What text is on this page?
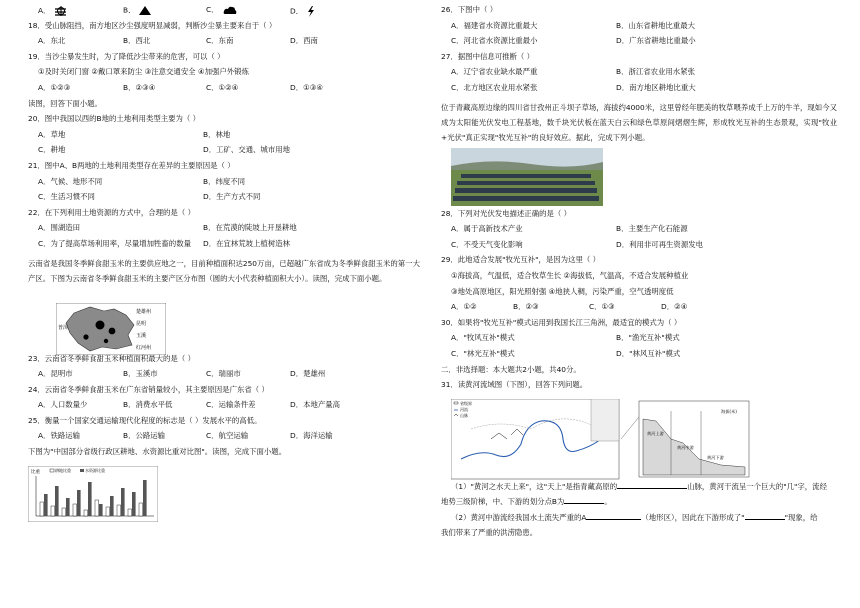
A．	B．	C．	D．
18．受山脉阻挡，南方地区沙尘强度明显减弱，判断沙尘暴主要来自于（ ）
A．东北	B．西北	C．东南	D．西南
19．当沙尘暴发生时，为了降低沙尘带来的危害，可以（ ）
①及时关闭门窗 ②戴口罩来防尘 ③注意交通安全 ④加强户外锻炼
A．①②③	B．②③④	C．①②④	D．①③④
读图，回答下面小题。
20．图中我国以西的B地的土地利用类型主要为（ ）
A．草地	B．林地
C．耕地	D．工矿、交通、城市用地
21．图中A、B两地的土地利用类型存在差异的主要原因是（ ）
A．气候、地形不同	B．纬度不同
C．生活习惯不同	D．生产方式不同
22．在下列利用土地资源的方式中，合理的是（ ）
A．围湖造田	B．在荒漠的陡坡上开垦耕地
C．为了提高草场利用率，尽量增加牲畜的数量 D．在宜林荒坡上植树造林
云南省是我国冬季鲜食甜玉米的主要供应地之一，目前种植面积达250万亩，已超越广东省成为冬季鲜食甜玉米的第一大产区。下图为云南省冬季鲜食甜玉米的主要产区分布图（圆的大小代表种植面积大小）。读图，完成下面小题。
楚雄州
普洱
昆明
玉溪
红河州
23．云南省冬季鲜食甜玉米种植面积最大的是（ ）
A．昆明市	B．玉溪市	C．瑞丽市	D．楚雄州
24．云南省冬季鲜食甜玉米在广东省销量较小，其主要原因是广东省（ ）
A．人口数量少	B．消费水平低	C．运输条件差	D．本地产量高
25．衡量一个国家交通运输现代化程度的标志是（ ）发展水平的高低。
A．铁路运输	B．公路运输	C．航空运输	D．海洋运输
下图为"中国部分省级行政区耕地、水资源比重对比图"。读图，完成下面小题。
比重	耕地比重	水资源比重
26．下图中（ ）
A．福建省水资源比重最大	B．山东省耕地比重最大
C．河北省水资源比重最小	D．广东省耕地比重最小
27．据图中信息可推断（ ）
A．辽宁省农业缺水最严重	B．浙江省农业用水紧张
C．北方地区农业用水紧张	D．南方地区耕地比重大
位于青藏高原边缘的四川省甘孜州正斗坝子草场，海拔约4000米，这里曾经年肥美的牧草喂养成千上万的牛羊，现如今又成为太阳能光伏发电工程基地，数千块光伏板在蓝天白云和绿色草原间熠熠生辉，形成牧光互补的生态景观，实现"牧业+光伏"真正实现"牧光互补"的良好效应。据此，完成下列小题。
28．下列对光伏发电描述正确的是（ ）
A．属于高新技术产业	B．主要生产化石能源
C．不受天气变化影响	D．利用非可再生资源发电
29．此地适合发展"牧光互补"，是因为这里（ ）
①海拔高，气温低，适合牧草生长 ②海拔低，气温高，不适合发展种植业
③地处高原地区，阳光照射强 ④地狭人稠，污染严重，空气透明度低
A．①②	B．②③	C．①③	D．②④
30．如果将"牧光互补"模式运用到我国长江三角洲，最适宜的模式为（ ）
A．"牧风互补"模式	B．"渔光互补"模式
C．"林光互补"模式	D．"林风互补"模式
二．非选择题：本大题共2小题，共40分。
31．读黄河流域图（下图），回答下列问题。
省级界
河流
山脉
黄河上游
黄河中游
黄河下游
海拔(米)
（1）"黄河之水天上来"，这"天上"是指青藏高原的	山脉，黄河干流呈一个巨大的"几"字，流经
地势三级阶梯，中、下游的划分点B为	。
（2）黄河中游流经我国水土流失严重的A	（地形区），因此在下游形成了"	"现象，给
我们带来了严重的洪涝隐患。
